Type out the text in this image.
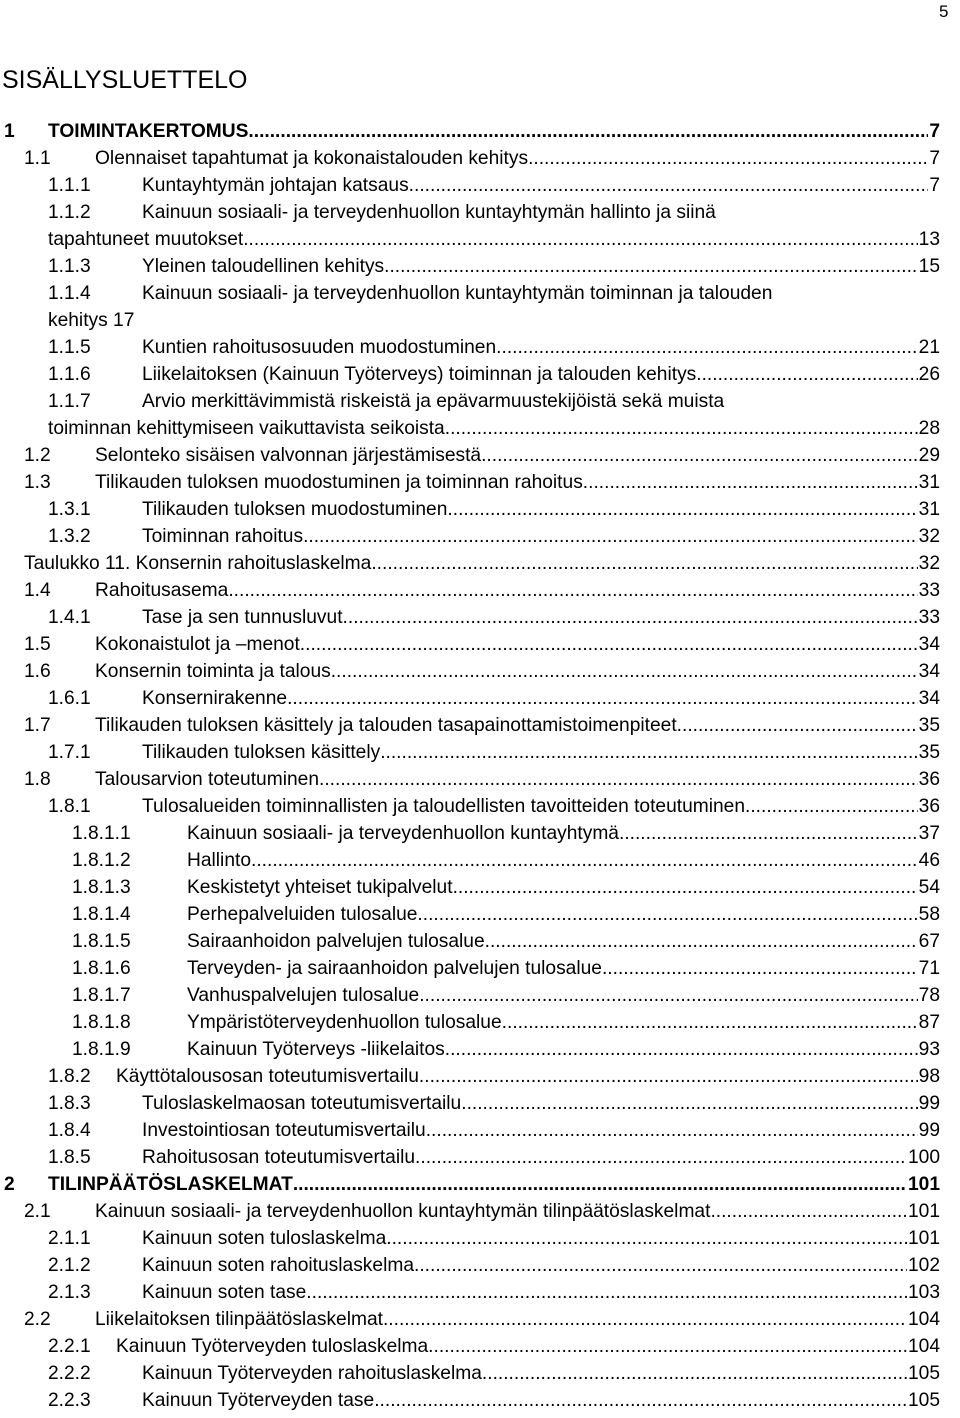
5
SISÄLLYSLUETTELO
1 TOIMINTAKERTOMUS .....	7
1.1 Olennaiset tapahtumat ja kokonaistalouden kehitys .....	7
1.1.1	Kuntayhtymän johtajan katsaus .....	7
1.1.2	Kainuun sosiaali- ja terveydenhuollon kuntayhtymän hallinto ja siinä
tapahtuneet muutokset .....	13
1.1.3	Yleinen taloudellinen kehitys .....	15
1.1.4	Kainuun sosiaali- ja terveydenhuollon kuntayhtymän toiminnan ja talouden
kehitys 17
1.1.5	Kuntien rahoitusosuuden muodostuminen .....	21
1.1.6	Liikelaitoksen (Kainuun Työterveys) toiminnan ja talouden kehitys .....	26
1.1.7	Arvio merkittävimmistä riskeistä ja epävarmuustekijöistä sekä muista
toiminnan kehittymiseen vaikuttavista seikoista .....	28
1.2 Selonteko sisäisen valvonnan järjestämisestä .....	29
1.3 Tilikauden tuloksen muodostuminen ja toiminnan rahoitus .....	31
1.3.1	Tilikauden tuloksen muodostuminen .....	31
1.3.2	Toiminnan rahoitus .....	32
Taulukko 11. Konsernin rahoituslaskelma .....	32
1.4 Rahoitusasema .....	33
1.4.1	Tase ja sen tunnusluvut .....	33
1.5 Kokonaistulot ja –menot .....	34
1.6 Konsernin toiminta ja talous .....	34
1.6.1	Konsernirakenne .....	34
1.7 Tilikauden tuloksen käsittely ja talouden tasapainottamistoimenpiteet .....	35
1.7.1	Tilikauden tuloksen käsittely .....	35
1.8 Talousarvion toteutuminen .....	36
1.8.1	Tulosalueiden toiminnallisten ja taloudellisten tavoitteiden toteutuminen .....	36
1.8.1.1	Kainuun sosiaali- ja terveydenhuollon kuntayhtymä .....	37
1.8.1.2	Hallinto .....	46
1.8.1.3	Keskistetyt yhteiset tukipalvelut .....	54
1.8.1.4	Perhepalveluiden tulosalue .....	58
1.8.1.5	Sairaanhoidon palvelujen tulosalue .....	67
1.8.1.6	Terveyden- ja sairaanhoidon palvelujen tulosalue .....	71
1.8.1.7	Vanhuspalvelujen tulosalue .....	78
1.8.1.8	Ympäristöterveydenhuollon tulosalue .....	87
1.8.1.9	Kainuun Työterveys -liikelaitos .....	93
1.8.2 Käyttötalousosan toteutumisvertailu .....	98
1.8.3	Tuloslaskelmaosan toteutumisvertailu .....	99
1.8.4	Investointiosan toteutumisvertailu .....	99
1.8.5	Rahoitusosan toteutumisvertailu .....	100
2 TILINPÄÄTÖSLASKELMAT .....	101
2.1 Kainuun sosiaali- ja terveydenhuollon kuntayhtymän tilinpäätöslaskelmat .....	101
2.1.1	Kainuun soten tuloslaskelma .....	101
2.1.2	Kainuun soten rahoituslaskelma .....	102
2.1.3	Kainuun soten tase .....	103
2.2 Liikelaitoksen tilinpäätöslaskelmat .....	104
2.2.1 Kainuun Työterveyden tuloslaskelma .....	104
2.2.2	Kainuun Työterveyden rahoituslaskelma .....	105
2.2.3	Kainuun Työterveyden tase .....	105
